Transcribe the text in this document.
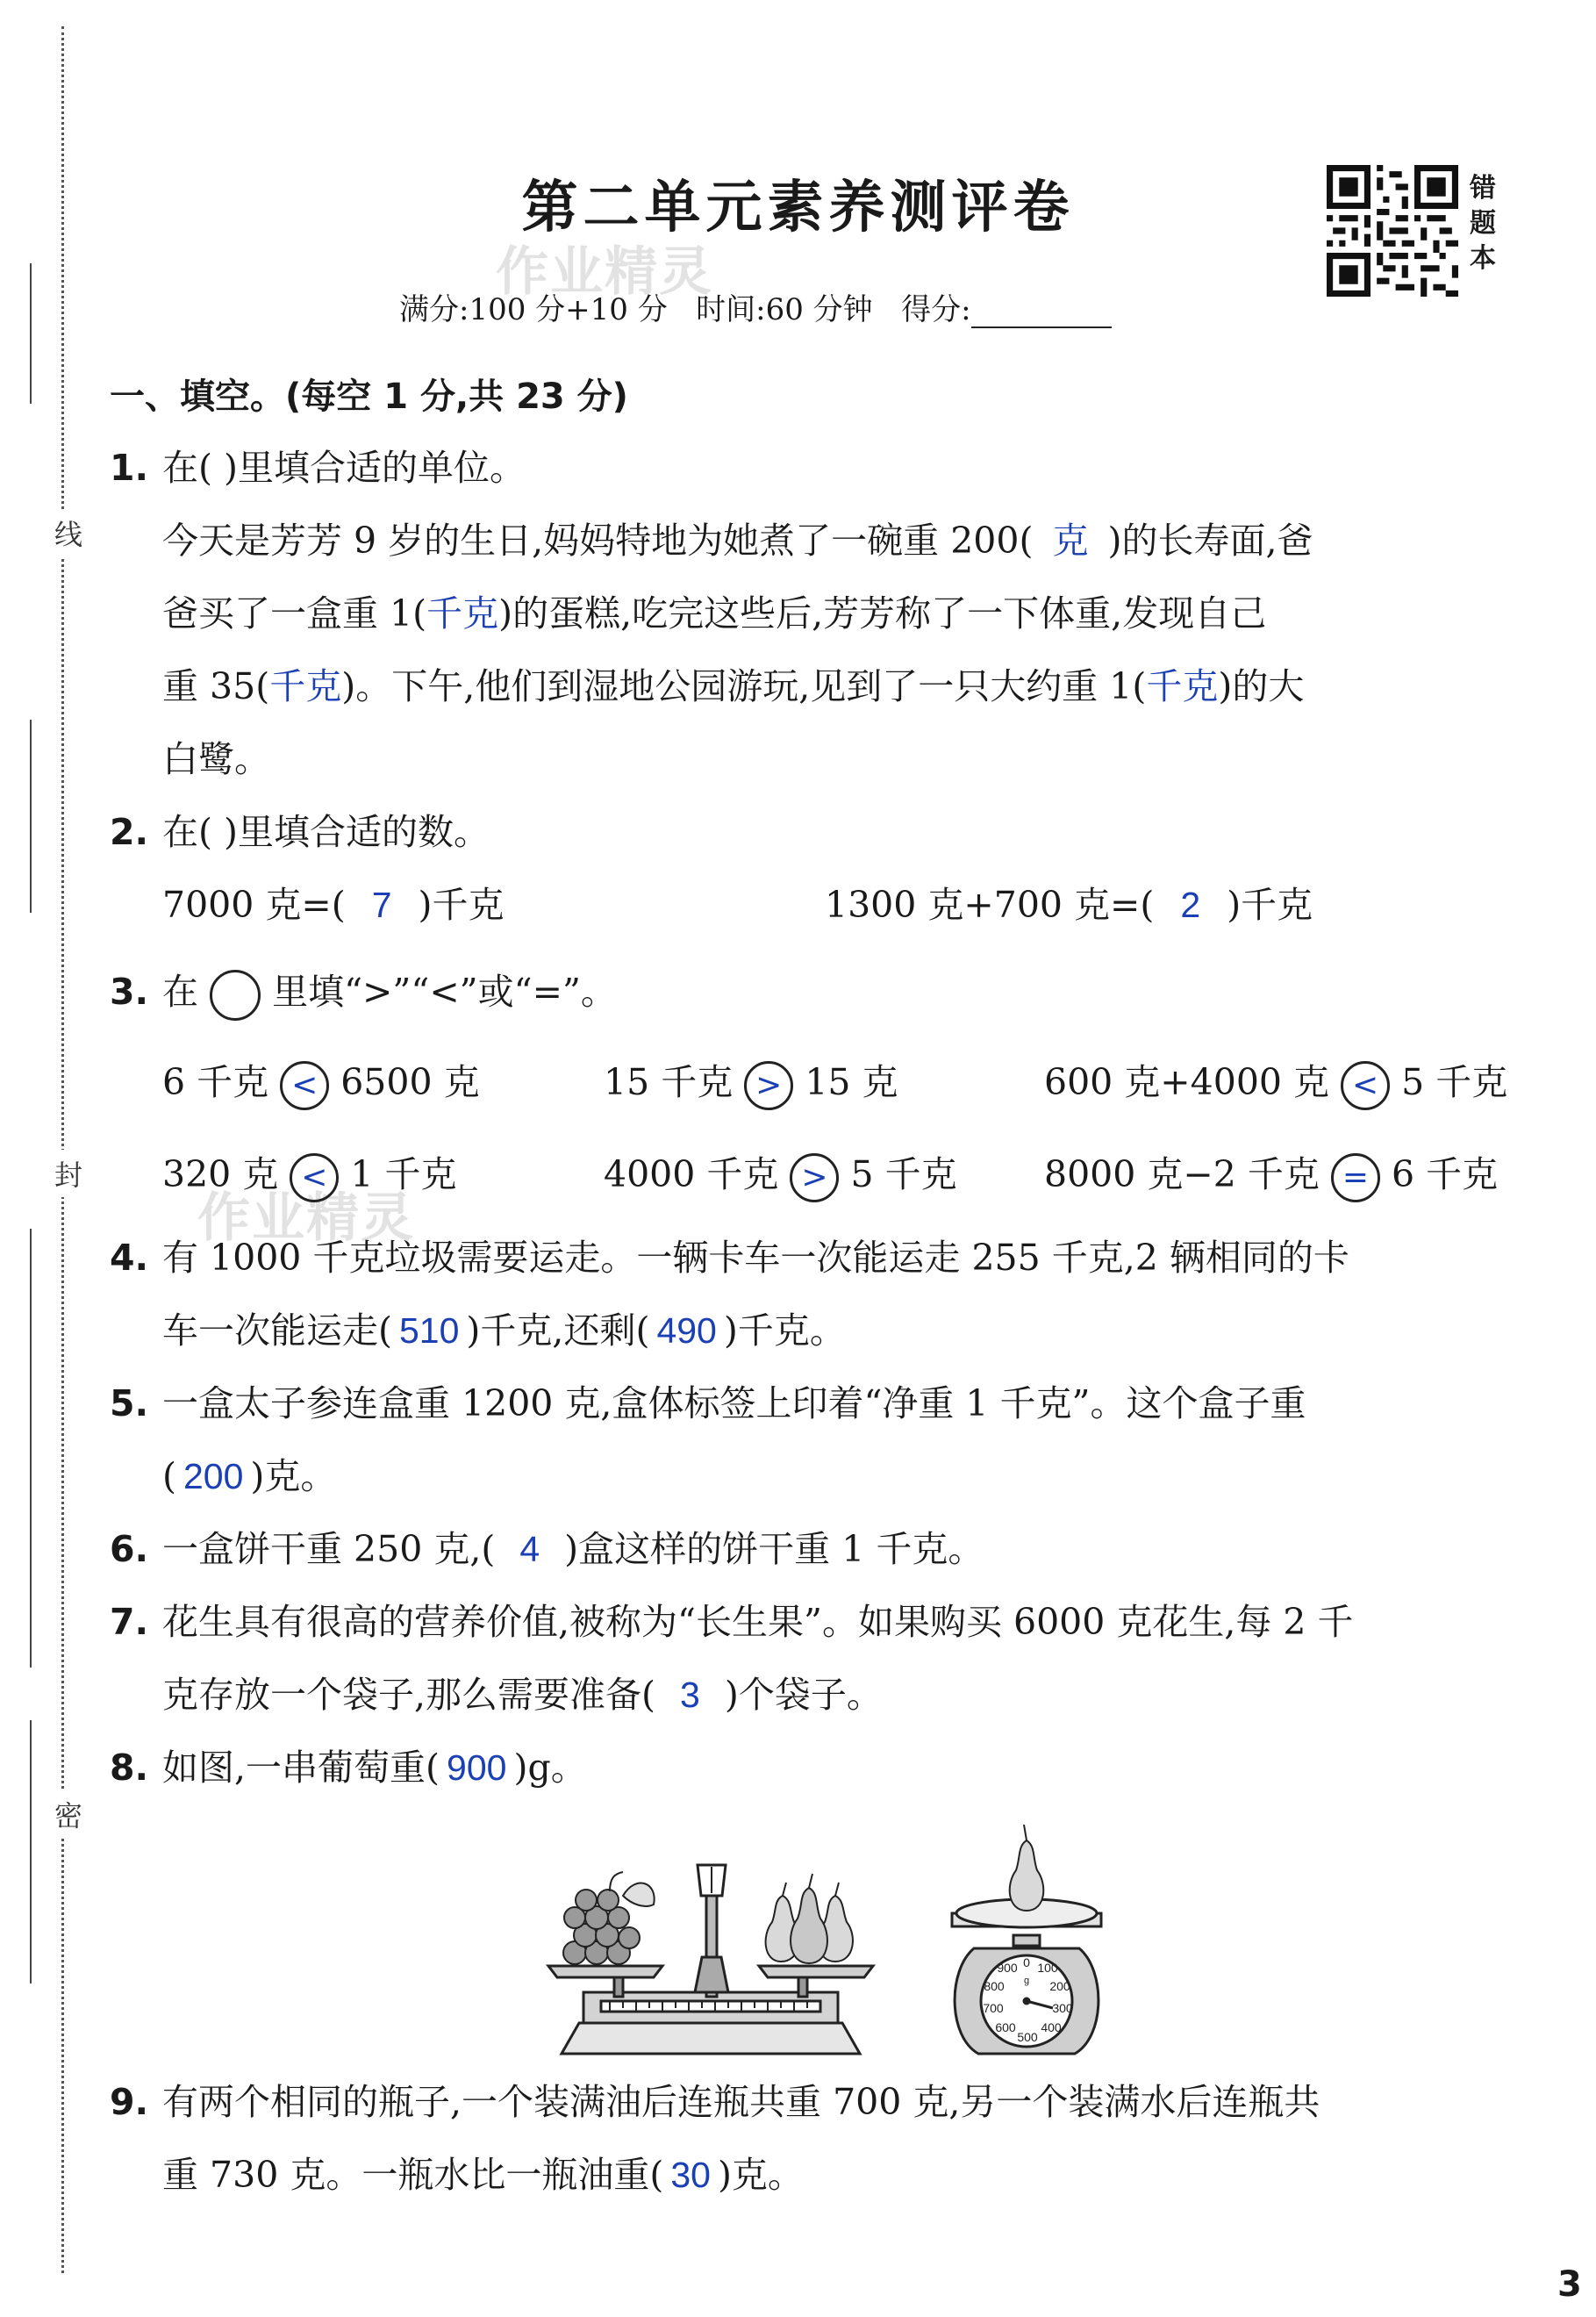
线
封
密
第二单元素养测评卷
作业精灵
作业精灵
满分:100 分+10 分   时间:60 分钟   得分:
错
题
本
一、填空。(每空 1 分,共 23 分)
1. 在( )里填合适的单位。
今天是芳芳 9 岁的生日,妈妈特地为她煮了一碗重 200( 克 )的长寿面,爸
爸买了一盒重 1(千克)的蛋糕,吃完这些后,芳芳称了一下体重,发现自己
重 35(千克)。下午,他们到湿地公园游玩,见到了一只大约重 1(千克)的大
白鹭。
2. 在( )里填合适的数。
7000 克=( 7 )千克	1300 克+700 克=( 2 )千克
3. 在 里填“>”“<”或“=”。
6 千克 < 6500 克	15 千克 > 15 克	600 克+4000 克 < 5 千克
320 克 < 1 千克	4000 千克 > 5 千克 8000 克−2 千克 = 6 千克
4. 有 1000 千克垃圾需要运走。一辆卡车一次能运走 255 千克,2 辆相同的卡
车一次能运走( 510 )千克,还剩( 490 )千克。
5. 一盒太子参连盒重 1200 克,盒体标签上印着“净重 1 千克”。这个盒子重
( 200 )克。
6. 一盒饼干重 250 克,( 4 )盒这样的饼干重 1 千克。
7. 花生具有很高的营养价值,被称为“长生果”。如果购买 6000 克花生,每 2 千
克存放一个袋子,那么需要准备( 3 )个袋子。
8. 如图,一串葡萄重( 900 )g。
0 100
200
300
400
500
600
700
800
900
g
9. 有两个相同的瓶子,一个装满油后连瓶共重 700 克,另一个装满水后连瓶共
重 730 克。一瓶水比一瓶油重( 30 )克。
3
